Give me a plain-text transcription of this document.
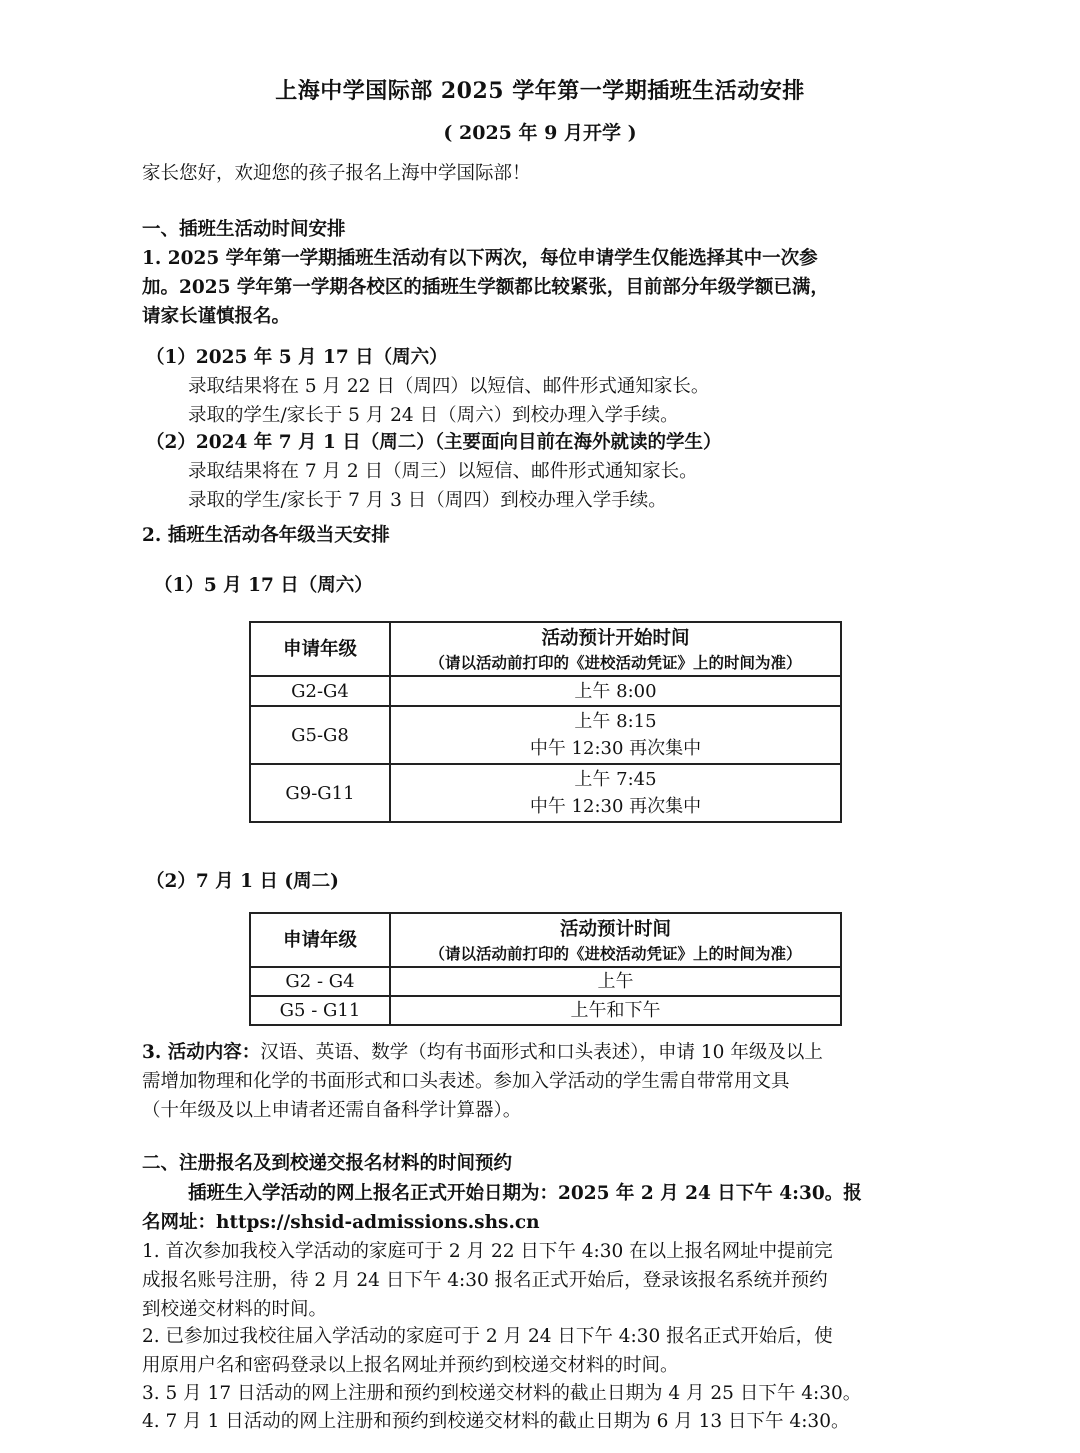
上海中学国际部 2025 学年第一学期插班生活动安排
( 2025 年 9 月开学 )
家长您好，欢迎您的孩子报名上海中学国际部！
一、插班生活动时间安排
1. 2025 学年第一学期插班生活动有以下两次，每位申请学生仅能选择其中一次参
加。2025 学年第一学期各校区的插班生学额都比较紧张，目前部分年级学额已满，
请家长谨慎报名。
（1）2025 年 5 月 17 日（周六）
录取结果将在 5 月 22 日（周四）以短信、邮件形式通知家长。
录取的学生/家长于 5 月 24 日（周六）到校办理入学手续。
（2）2024 年 7 月 1 日（周二）（主要面向目前在海外就读的学生）
录取结果将在 7 月 2 日（周三）以短信、邮件形式通知家长。
录取的学生/家长于 7 月 3 日（周四）到校办理入学手续。
2. 插班生活动各年级当天安排
（1）5 月 17 日（周六）
申请年级	活动预计开始时间
（请以活动前打印的《进校活动凭证》上的时间为准）

G2-G4	上午 8:00

G5-G8	上午 8:15
中午 12:30 再次集中

G9-G11	上午 7:45
中午 12:30 再次集中
（2）7 月 1 日 (周二)
申请年级	活动预计时间
（请以活动前打印的《进校活动凭证》上的时间为准）

G2 - G4	上午
G5 - G11	上午和下午
3. 活动内容：汉语、英语、数学（均有书面形式和口头表述），申请 10 年级及以上
需增加物理和化学的书面形式和口头表述。参加入学活动的学生需自带常用文具
（十年级及以上申请者还需自备科学计算器）。
二、注册报名及到校递交报名材料的时间预约
插班生入学活动的网上报名正式开始日期为：2025 年 2 月 24 日下午 4:30。报
名网址：https://shsid-admissions.shs.cn
1. 首次参加我校入学活动的家庭可于 2 月 22 日下午 4:30 在以上报名网址中提前完
成报名账号注册，待 2 月 24 日下午 4:30 报名正式开始后，登录该报名系统并预约
到校递交材料的时间。
2. 已参加过我校往届入学活动的家庭可于 2 月 24 日下午 4:30 报名正式开始后，使
用原用户名和密码登录以上报名网址并预约到校递交材料的时间。
3. 5 月 17 日活动的网上注册和预约到校递交材料的截止日期为 4 月 25 日下午 4:30。
4. 7 月 1 日活动的网上注册和预约到校递交材料的截止日期为 6 月 13 日下午 4:30。
